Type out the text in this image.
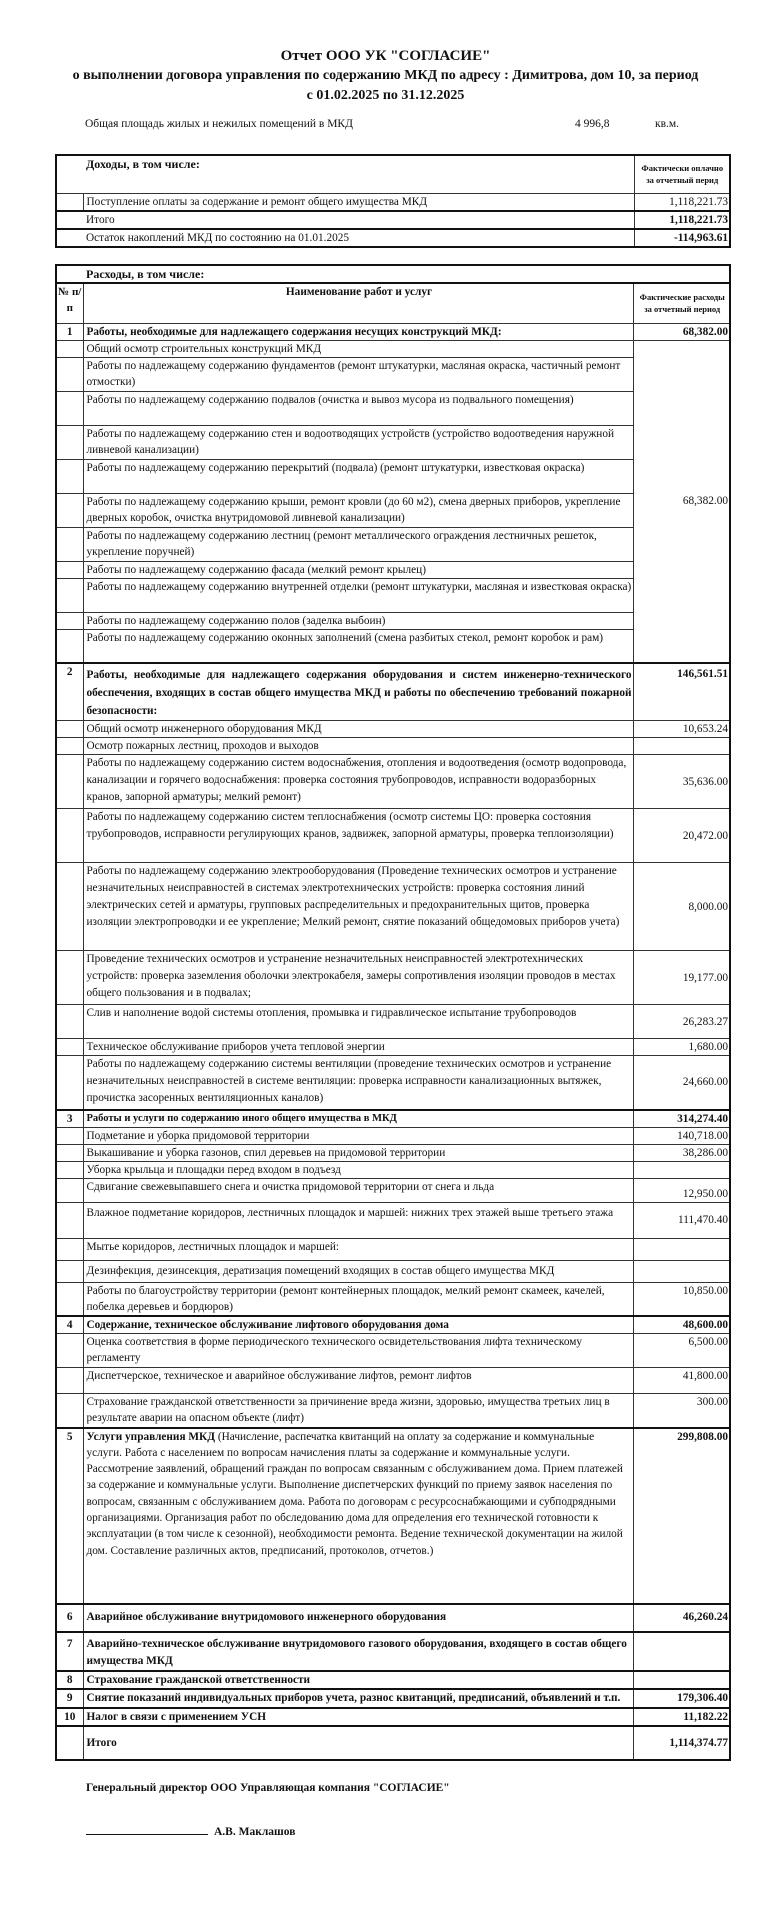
Отчет ООО УК "СОГЛАСИЕ"
о выполнении договора управления по содержанию МКД по адресу : Димитрова, дом 10, за период
с 01.02.2025 по 31.12.2025
Общая площадь жилых и нежилых помещений в МКД	4 996,8	кв.м.
	Доходы, в том числе:	Фактически оплачно за отчетный перид
	Поступление оплаты за содержание и ремонт общего имущества МКД	1,118,221.73
	Итого	1,118,221.73
	Остаток накоплений МКД по состоянию на 01.01.2025	-114,963.61
	Расходы, в том числе:	
№ п/п	Наименование работ и услуг	Фактические расходы за отчетный период
1	Работы, необходимые для надлежащего содержания несущих конструкций МКД:	68,382.00
	Общий осмотр строительных конструкций МКД	68,382.00
	Работы по надлежащему содержанию фундаментов (ремонт штукатурки, масляная окраска, частичный ремонт отмостки)	
	Работы по надлежащему содержанию подвалов (очистка и вывоз мусора из подвального помещения)	
	Работы по надлежащему содержанию стен и водоотводящих устройств (устройство водоотведения наружной ливневой канализации)	
	Работы по надлежащему содержанию перекрытий (подвала) (ремонт штукатурки, известковая окраска)	
	Работы по надлежащему содержанию крыши, ремонт кровли (до 60 м2), смена дверных приборов, укрепление дверных коробок, очистка внутридомовой ливневой канализации)	
	Работы по надлежащему содержанию лестниц (ремонт металлического ограждения лестничных решеток, укрепление поручней)	
	Работы по надлежащему содержанию фасада (мелкий ремонт крылец)	
	Работы по надлежащему содержанию внутренней отделки (ремонт штукатурки, масляная и известковая окраска)	
	Работы по надлежащему содержанию полов (заделка выбоин)	
	Работы по надлежащему содержанию оконных заполнений (смена разбитых стекол, ремонт коробок и рам)	
2	Работы, необходимые для надлежащего содержания оборудования и систем инженерно-технического обеспечения, входящих в состав общего имущества МКД и работы по обеспечению требований пожарной безопасности:	146,561.51
	Общий осмотр инженерного оборудования МКД	10,653.24
	Осмотр пожарных лестниц, проходов и выходов	
	Работы по надлежащему содержанию систем водоснабжения, отопления и водоотведения (осмотр водопровода, канализации и горячего водоснабжения: проверка состояния трубопроводов, исправности водоразборных кранов, запорной арматуры; мелкий ремонт)	35,636.00
	Работы по надлежащему содержанию систем теплоснабжения (осмотр системы ЦО: проверка состояния трубопроводов, исправности регулирующих кранов, задвижек, запорной арматуры, проверка теплоизоляции)	20,472.00
	Работы по надлежащему содержанию электрооборудования (Проведение технических осмотров и устранение незначительных неисправностей в системах электротехнических устройств: проверка состояния линий электрических сетей и арматуры, групповых распределительных и предохранительных щитов, проверка изоляции электропроводки и ее укрепление; Мелкий ремонт, снятие показаний общедомовых приборов учета)	8,000.00
	Проведение технических осмотров и устранение незначительных неисправностей электротехнических устройств: проверка заземления оболочки электрокабеля, замеры сопротивления изоляции проводов в местах общего пользования и в подвалах;	19,177.00
	Слив и наполнение водой системы отопления, промывка и гидравлическое испытание трубопроводов	26,283.27
	Техническое обслуживание приборов учета тепловой энергии	1,680.00
	Работы по надлежащему содержанию системы вентиляции (проведение технических осмотров и устранение незначительных неисправностей в системе вентиляции: проверка исправности канализационных вытяжек, прочистка засоренных вентиляционных каналов)	24,660.00
3	Работы и услуги по содержанию иного общего имущества в МКД	314,274.40
	Подметание и уборка придомовой территории	140,718.00
	Выкашивание и уборка газонов, спил деревьев на придомовой территории	38,286.00
	Уборка крыльца и площадки перед входом в подъезд	
	Сдвигание свежевыпавшего снега и очистка придомовой территории от снега и льда	12,950.00
	Влажное подметание коридоров, лестничных площадок и маршей: нижних трех этажей выше третьего этажа	111,470.40
	Мытье коридоров, лестничных площадок и маршей:	
	Дезинфекция, дезинсекция, дератизация помещений входящих в состав общего имущества МКД	
	Работы по благоустройству территории (ремонт контейнерных площадок, мелкий ремонт скамеек, качелей, побелка деревьев и бордюров)	10,850.00
4	Содержание, техническое обслуживание лифтового оборудования дома	48,600.00
	Оценка соответствия в форме периодического технического освидетельствования лифта техническому регламенту	6,500.00
	Диспетчерское, техническое и аварийное обслуживание лифтов, ремонт лифтов	41,800.00
	Страхование гражданской ответственности за причинение вреда жизни, здоровью, имущества третьих лиц в результате аварии на опасном объекте (лифт)	300.00
5	Услуги управления МКД (Начисление, распечатка квитанций на оплату за содержание и коммунальные услуги. Работа с населением по вопросам начисления платы за содержание и коммунальные услуги. Рассмотрение заявлений, обращений граждан по вопросам связанным с обслуживанием дома. Прием платежей за содержание и коммунальные услуги. Выполнение диспетчерских функций по приему заявок населения по вопросам, связанным с обслуживанием дома. Работа по договорам с ресурсоснабжающими и субподрядными организациями. Организация работ по обследованию дома для определения его технической готовности к эксплуатации (в том числе к сезонной), необходимости ремонта. Ведение технической документации на жилой дом. Составление различных актов, предписаний, протоколов, отчетов.)	299,808.00
6	Аварийное обслуживание внутридомового инженерного оборудования	46,260.24
7	Аварийно-техническое обслуживание внутридомового газового оборудования, входящего в состав общего имущества МКД	
8	Страхование гражданской ответственности	
9	Снятие показаний индивидуальных приборов учета, разнос квитанций, предписаний, объявлений и т.п.	179,306.40
10	Налог в связи с применением УСН	11,182.22
	Итого	1,114,374.77
Генеральный директор ООО Управляющая компания "СОГЛАСИЕ"
А.В. Маклашов
